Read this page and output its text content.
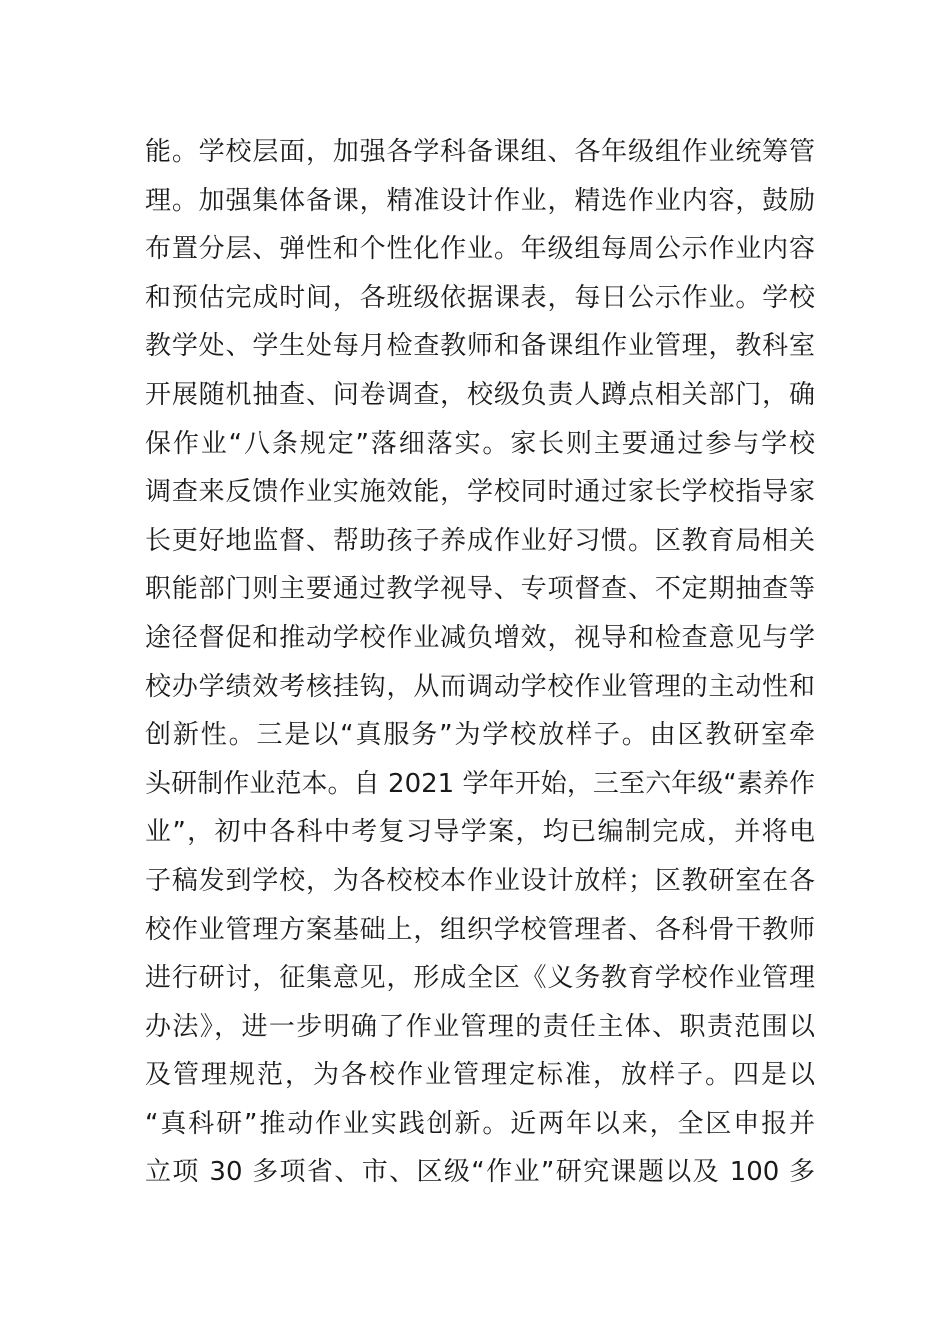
能。学校层面，加强各学科备课组、各年级组作业统筹管
理。加强集体备课，精准设计作业，精选作业内容，鼓励
布置分层、弹性和个性化作业。年级组每周公示作业内容
和预估完成时间，各班级依据课表，每日公示作业。学校
教学处、学生处每月检查教师和备课组作业管理，教科室
开展随机抽查、问卷调查，校级负责人蹲点相关部门，确
保作业“八条规定”落细落实。家长则主要通过参与学校
调查来反馈作业实施效能，学校同时通过家长学校指导家
长更好地监督、帮助孩子养成作业好习惯。区教育局相关
职能部门则主要通过教学视导、专项督查、不定期抽查等
途径督促和推动学校作业减负增效，视导和检查意见与学
校办学绩效考核挂钩，从而调动学校作业管理的主动性和
创新性。三是以“真服务”为学校放样子。由区教研室牵
头研制作业范本。自 2021 学年开始，三至六年级“素养作
业”，初中各科中考复习导学案，均已编制完成，并将电
子稿发到学校，为各校校本作业设计放样；区教研室在各
校作业管理方案基础上，组织学校管理者、各科骨干教师
进行研讨，征集意见，形成全区《义务教育学校作业管理
办法》，进一步明确了作业管理的责任主体、职责范围以
及管理规范，为各校作业管理定标准，放样子。四是以
“真科研”推动作业实践创新。近两年以来，全区申报并
立项 30 多项省、市、区级“作业”研究课题以及 100 多
